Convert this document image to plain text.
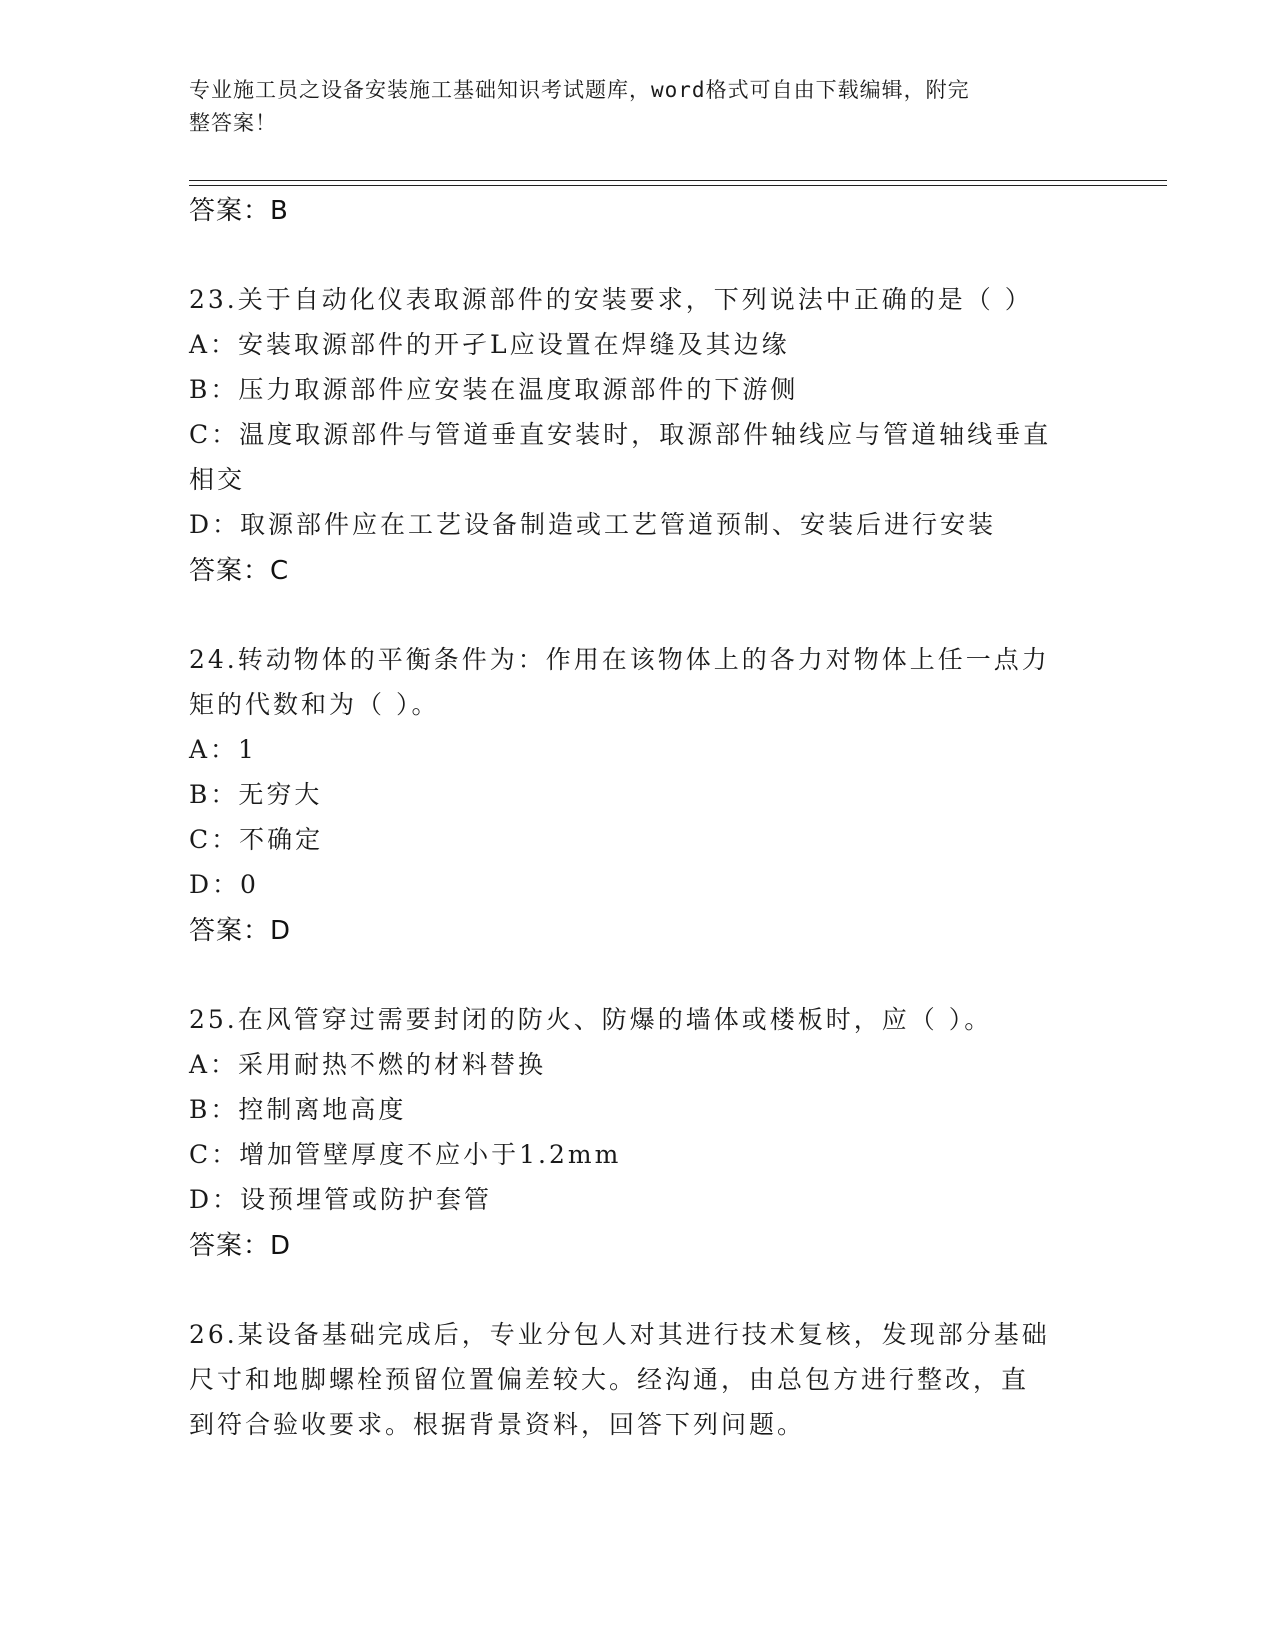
专业施工员之设备安装施工基础知识考试题库，word格式可自由下载编辑，附完
整答案！
答案：B
23.关于自动化仪表取源部件的安装要求，下列说法中正确的是（ ）
A：安装取源部件的开孑L应设置在焊缝及其边缘
B：压力取源部件应安装在温度取源部件的下游侧
C：温度取源部件与管道垂直安装时，取源部件轴线应与管道轴线垂直
相交
D：取源部件应在工艺设备制造或工艺管道预制、安装后进行安装
答案：C
24.转动物体的平衡条件为：作用在该物体上的各力对物体上任一点力
矩的代数和为（ ）。
A：1
B：无穷大
C：不确定
D：0
答案：D
25.在风管穿过需要封闭的防火、防爆的墙体或楼板时，应（ ）。
A：采用耐热不燃的材料替换
B：控制离地高度
C：增加管壁厚度不应小于1.2mm
D：设预埋管或防护套管
答案：D
26.某设备基础完成后，专业分包人对其进行技术复核，发现部分基础
尺寸和地脚螺栓预留位置偏差较大。经沟通，由总包方进行整改，直
到符合验收要求。根据背景资料，回答下列问题。
